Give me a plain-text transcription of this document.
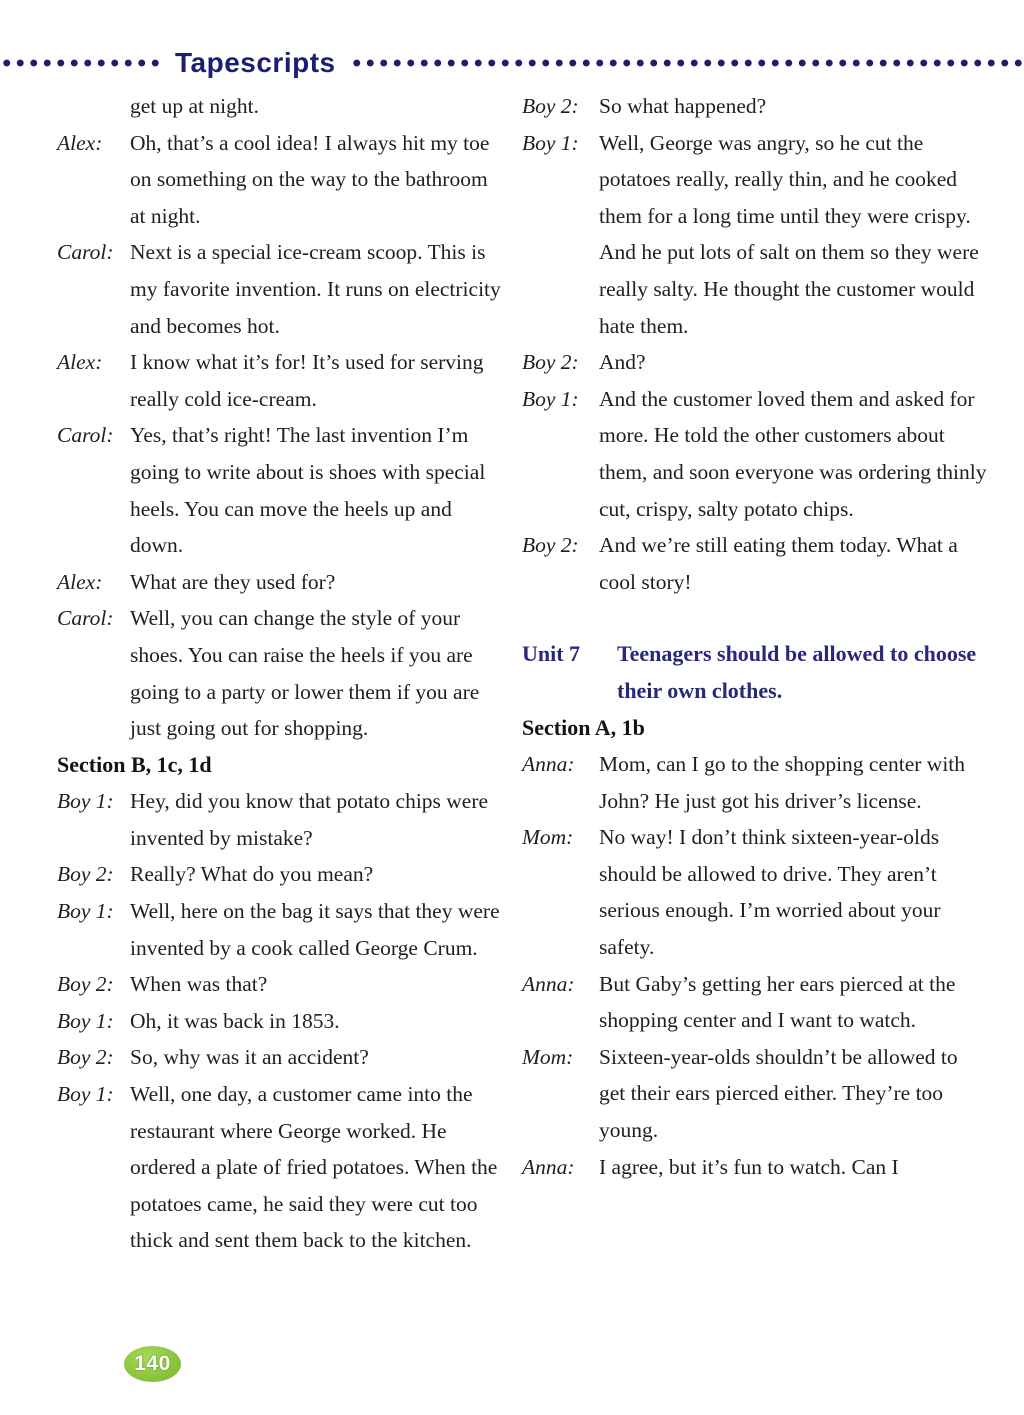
Tapescripts
get up at night.
Alex:	Oh, that’s a cool idea! I always hit my toe on something on the way to the bathroom at night.
Carol: Next is a special ice-cream scoop. This is my favorite invention. It runs on electricity and becomes hot.
Alex:	I know what it’s for! It’s used for serving really cold ice-cream.
Carol: Yes, that’s right! The last invention I’m going to write about is shoes with special heels. You can move the heels up and down.
Alex:	What are they used for?
Carol: Well, you can change the style of your shoes. You can raise the heels if you are going to a party or lower them if you are just going out for shopping.
Section B, 1c, 1d
Boy 1: Hey, did you know that potato chips were invented by mistake?
Boy 2: Really? What do you mean?
Boy 1: Well, here on the bag it says that they were invented by a cook called George Crum.
Boy 2: When was that?
Boy 1: Oh, it was back in 1853.
Boy 2: So, why was it an accident?
Boy 1: Well, one day, a customer came into the restaurant where George worked. He ordered a plate of fried potatoes. When the potatoes came, he said they were cut too thick and sent them back to the kitchen.
Boy 2: So what happened?
Boy 1: Well, George was angry, so he cut the potatoes really, really thin, and he cooked them for a long time until they were crispy. And he put lots of salt on them so they were really salty. He thought the customer would hate them.
Boy 2: And?
Boy 1: And the customer loved them and asked for more. He told the other customers about them, and soon everyone was ordering thinly cut, crispy, salty potato chips.
Boy 2: And we’re still eating them today. What a cool story!
Unit 7	Teenagers should be allowed to choose their own clothes.
Section A, 1b
Anna:	Mom, can I go to the shopping center with John? He just got his driver’s license.
Mom:	No way! I don’t think sixteen-year-olds should be allowed to drive. They aren’t serious enough. I’m worried about your safety.
Anna:	But Gaby’s getting her ears pierced at the shopping center and I want to watch.
Mom:	Sixteen-year-olds shouldn’t be allowed to get their ears pierced either. They’re too young.
Anna:	I agree, but it’s fun to watch. Can I
140
